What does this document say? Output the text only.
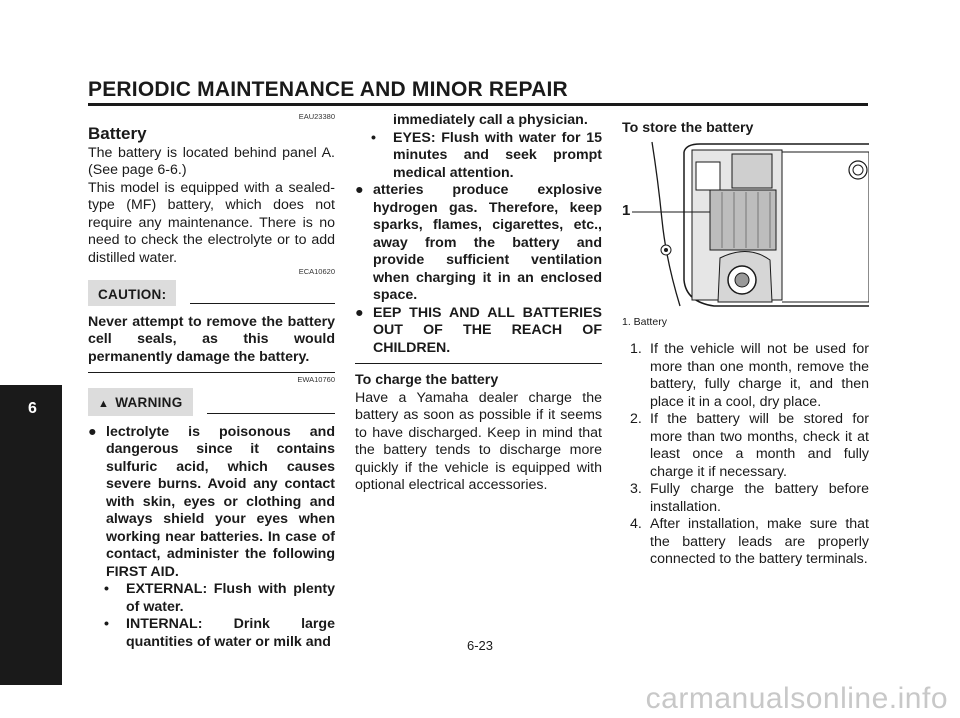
PERIODIC MAINTENANCE AND MINOR REPAIR
6
EAU23380
Battery

The battery is located behind panel A. (See page 6-6.)

This model is equipped with a sealed-type (MF) battery, which does not require any maintenance. There is no need to check the electrolyte or to add distilled water.

ECA10620
CAUTION:

Never attempt to remove the battery cell seals, as this would permanently damage the battery.

EWA10760
▲ WARNING
● lectrolyte is poisonous and dangerous since it contains sulfuric acid, which causes severe burns. Avoid any contact with skin, eyes or clothing and always shield your eyes when working near batteries. In case of contact, administer the following FIRST AID.
• EXTERNAL: Flush with plenty of water.
• INTERNAL: Drink large quantities of water or milk and
immediately call a physician.
• EYES: Flush with water for 15 minutes and seek prompt medical attention.
● atteries produce explosive hydrogen gas. Therefore, keep sparks, flames, cigarettes, etc., away from the battery and provide sufficient ventilation when charging it in an enclosed space.
● EEP THIS AND ALL BATTERIES OUT OF THE REACH OF CHILDREN.
To charge the battery

Have a Yamaha dealer charge the battery as soon as possible if it seems to have discharged. Keep in mind that the battery tends to discharge more quickly if the vehicle is equipped with optional electrical accessories.

To store the battery
1
1. Battery
1. If the vehicle will not be used for more than one month, remove the battery, fully charge it, and then place it in a cool, dry place.
2. If the battery will be stored for more than two months, check it at least once a month and fully charge it if necessary.
3. Fully charge the battery before installation.
4. After installation, make sure that the battery leads are properly connected to the battery terminals.
6-23
carmanualsonline.info
